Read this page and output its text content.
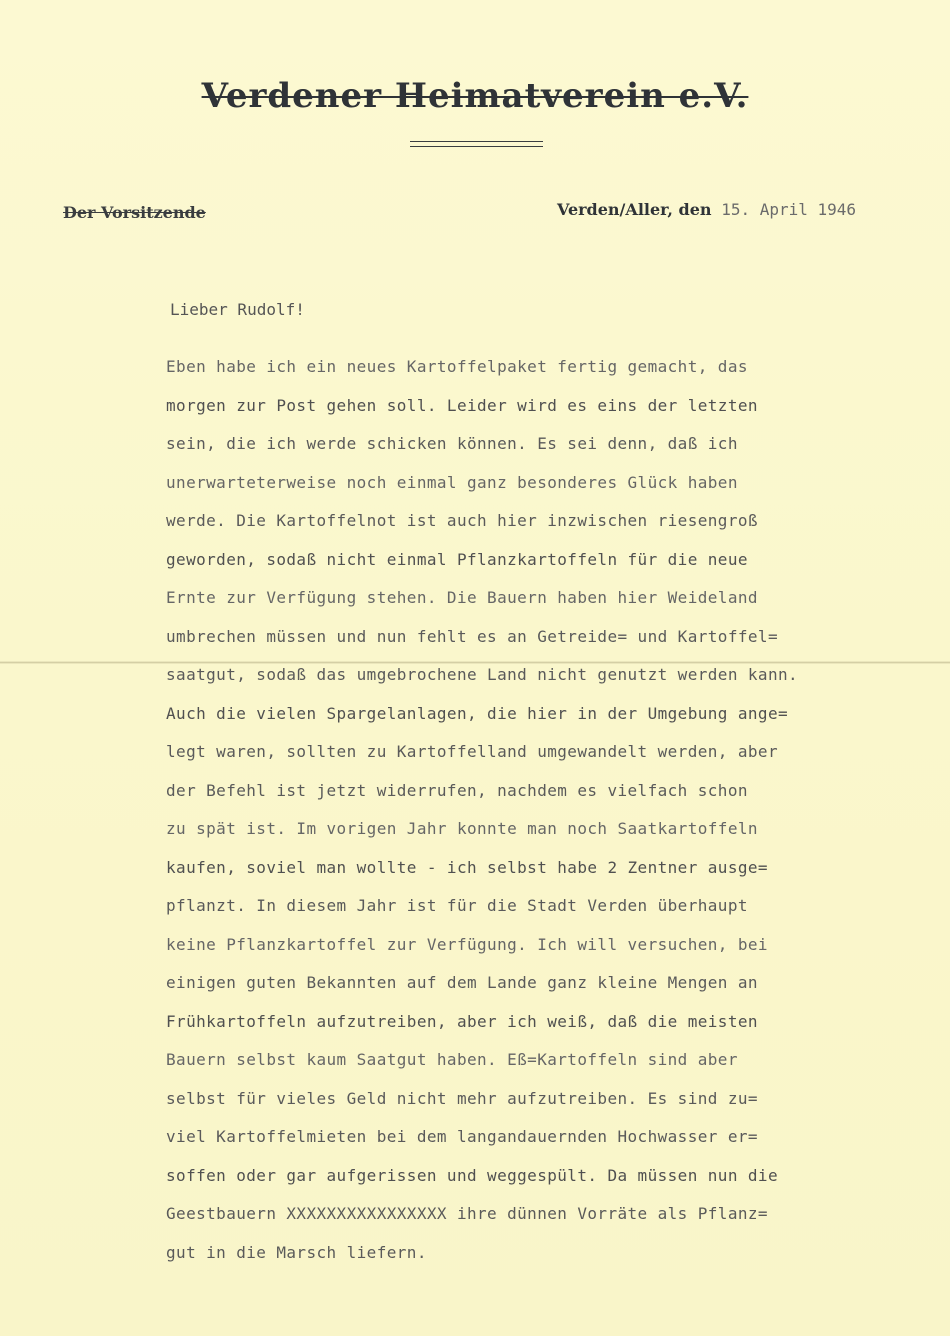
Verdener Heimatverein e.V.
Der Vorsitzende	Verden/Aller, den 15. April 1946
Lieber Rudolf!
Eben habe ich ein neues Kartoffelpaket fertig gemacht, das
morgen zur Post gehen soll. Leider wird es eins der letzten
sein, die ich werde schicken können. Es sei denn, daß ich
unerwarteterweise noch einmal ganz besonderes Glück haben
werde. Die Kartoffelnot ist auch hier inzwischen riesengroß
geworden, sodaß nicht einmal Pflanzkartoffeln für die neue
Ernte zur Verfügung stehen. Die Bauern haben hier Weideland
umbrechen müssen und nun fehlt es an Getreide= und Kartoffel=
saatgut, sodaß das umgebrochene Land nicht genutzt werden kann.
Auch die vielen Spargelanlagen, die hier in der Umgebung ange=
legt waren, sollten zu Kartoffelland umgewandelt werden, aber
der Befehl ist jetzt widerrufen, nachdem es vielfach schon
zu spät ist. Im vorigen Jahr konnte man noch Saatkartoffeln
kaufen, soviel man wollte - ich selbst habe 2 Zentner ausge=
pflanzt. In diesem Jahr ist für die Stadt Verden überhaupt
keine Pflanzkartoffel zur Verfügung. Ich will versuchen, bei
einigen guten Bekannten auf dem Lande ganz kleine Mengen an
Frühkartoffeln aufzutreiben, aber ich weiß, daß die meisten
Bauern selbst kaum Saatgut haben. Eß=Kartoffeln sind aber
selbst für vieles Geld nicht mehr aufzutreiben. Es sind zu=
viel Kartoffelmieten bei dem langandauernden Hochwasser er=
soffen oder gar aufgerissen und weggespült. Da müssen nun die
Geestbauern XXXXXXXXXXXXXXXX ihre dünnen Vorräte als Pflanz=
gut in die Marsch liefern.
